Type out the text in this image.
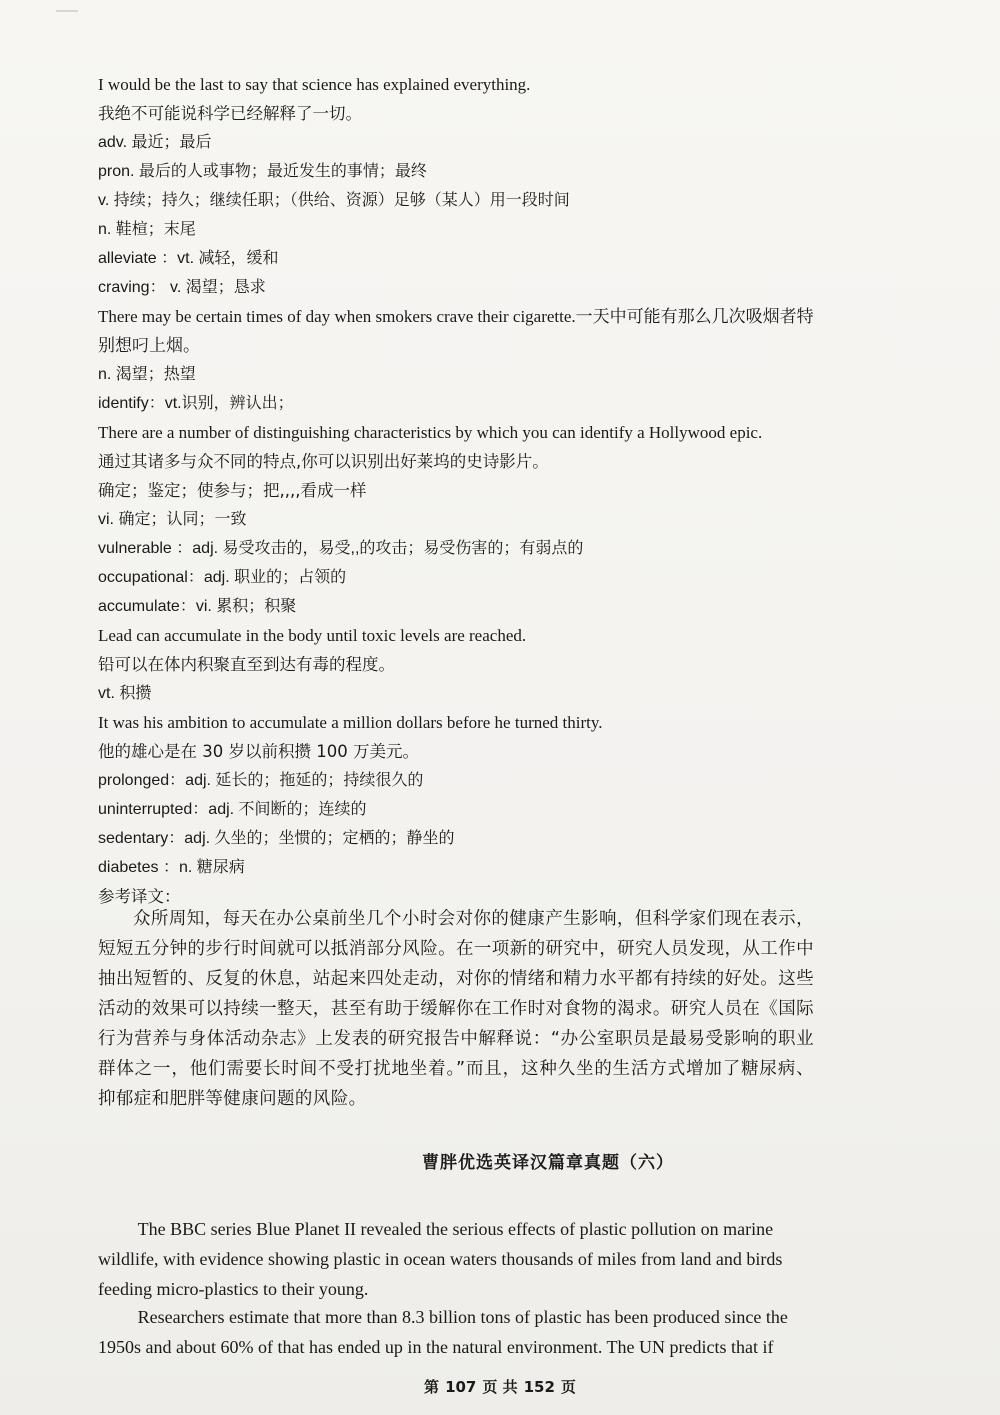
I would be the last to say that science has explained everything.
我绝不可能说科学已经解释了一切。
adv. 最近；最后
pron. 最后的人或事物；最近发生的事情；最终
v. 持续；持久；继续任职；（供给、资源）足够（某人）用一段时间
n. 鞋楦；末尾
alleviate ：vt. 减轻，缓和
craving： v. 渴望；恳求
There may be certain times of day when smokers crave their cigarette.一天中可能有那么几次吸烟者特别想叼上烟。
n. 渴望；热望
identify：vt.识别，辨认出；
There are a number of distinguishing characteristics by which you can identify a Hollywood epic.
通过其诸多与众不同的特点,你可以识别出好莱坞的史诗影片。
确定；鉴定；使参与；把,,,,看成一样
vi. 确定；认同；一致
vulnerable ：adj. 易受攻击的，易受,,的攻击；易受伤害的；有弱点的
occupational：adj. 职业的；占领的
accumulate：vi. 累积；积聚
Lead can accumulate in the body until toxic levels are reached.
铅可以在体内积聚直至到达有毒的程度。
vt. 积攒
It was his ambition to accumulate a million dollars before he turned thirty.
他的雄心是在 30 岁以前积攒 100 万美元。
prolonged：adj. 延长的；拖延的；持续很久的
uninterrupted：adj. 不间断的；连续的
sedentary：adj. 久坐的；坐惯的；定栖的；静坐的
diabetes ：n. 糖尿病
参考译文：
众所周知，每天在办公桌前坐几个小时会对你的健康产生影响，但科学家们现在表示，短短五分钟的步行时间就可以抵消部分风险。在一项新的研究中，研究人员发现，从工作中抽出短暂的、反复的休息，站起来四处走动，对你的情绪和精力水平都有持续的好处。这些活动的效果可以持续一整天，甚至有助于缓解你在工作时对食物的渴求。研究人员在《国际行为营养与身体活动杂志》上发表的研究报告中解释说：“办公室职员是最易受影响的职业群体之一，他们需要长时间不受打扰地坐着。”而且，这种久坐的生活方式增加了糖尿病、抑郁症和肥胖等健康问题的风险。
曹胖优选英译汉篇章真题（六）
The BBC series Blue Planet II revealed the serious effects of plastic pollution on marine wildlife, with evidence showing plastic in ocean waters thousands of miles from land and birds feeding micro-plastics to their young.
Researchers estimate that more than 8.3 billion tons of plastic has been produced since the 1950s and about 60% of that has ended up in the natural environment. The UN predicts that if
第 107 页 共 152 页
